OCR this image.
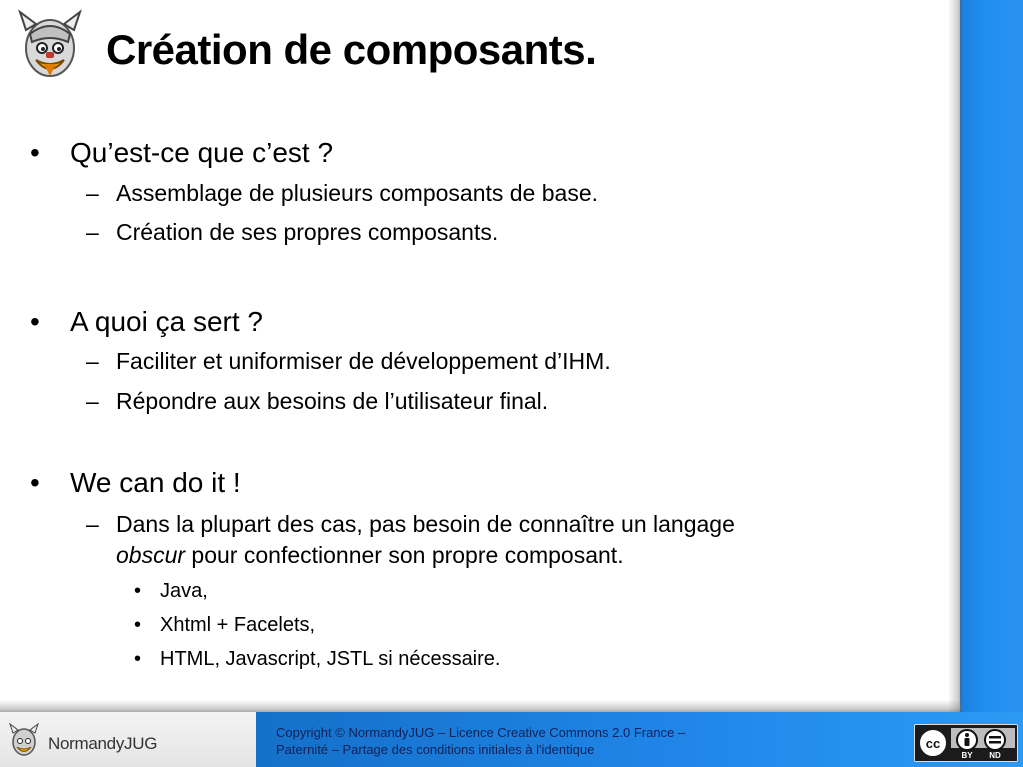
Création de composants.
• Qu’est-ce que c’est ?
– Assemblage de plusieurs composants de base.
– Création de ses propres composants.
• A quoi ça sert ?
– Faciliter et uniformiser de développement d’IHM.
– Répondre aux besoins de l’utilisateur final.
• We can do it !
– Dans la plupart des cas, pas besoin de connaître un langage
obscur pour confectionner son propre composant.
• Java,
• Xhtml + Facelets,
• HTML, Javascript, JSTL si nécessaire.
NormandyJUG
Copyright © NormandyJUG – Licence Creative Commons 2.0 France –
Paternité – Partage des conditions initiales à l'identique	cc
BY ND
